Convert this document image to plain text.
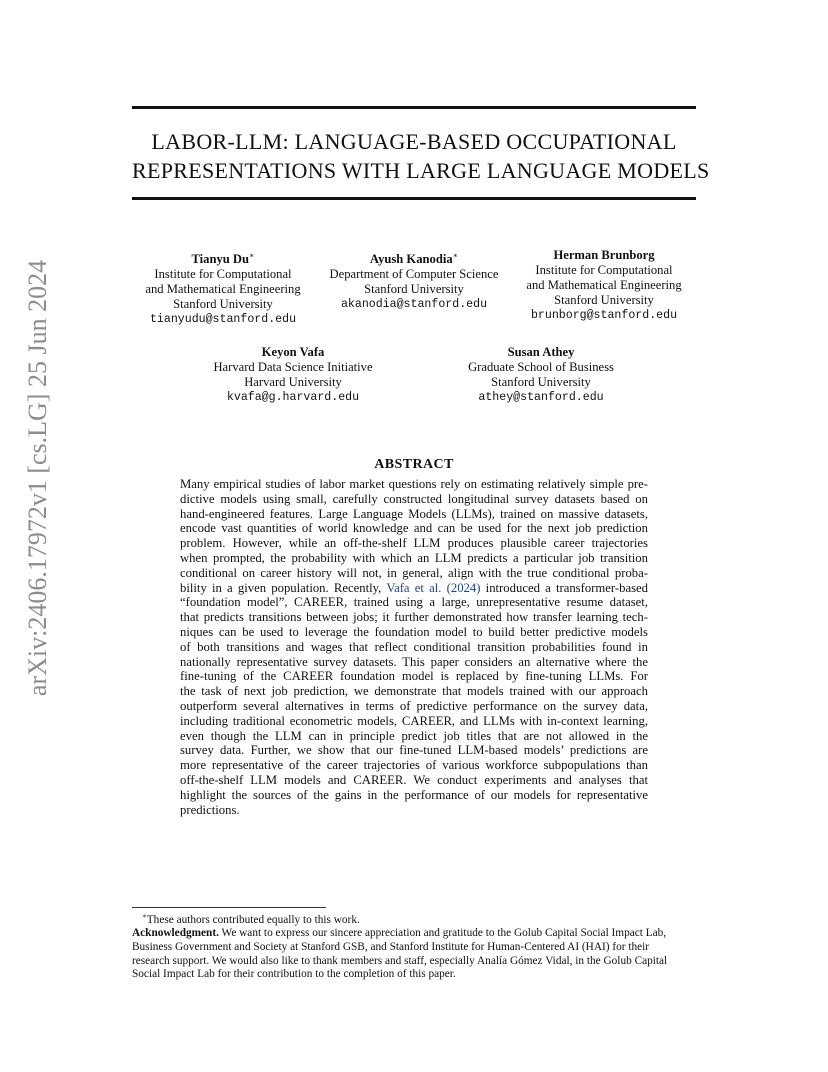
arXiv:2406.17972v1 [cs.LG] 25 Jun 2024
LABOR-LLM: LANGUAGE-BASED OCCUPATIONAL
REPRESENTATIONS WITH LARGE LANGUAGE MODELS
Tianyu Du∗
Institute for Computational
and Mathematical Engineering
Stanford University
tianyudu@stanford.edu
Ayush Kanodia∗
Department of Computer Science
Stanford University
akanodia@stanford.edu
Herman Brunborg
Institute for Computational
and Mathematical Engineering
Stanford University
brunborg@stanford.edu
Keyon Vafa
Harvard Data Science Initiative
Harvard University
kvafa@g.harvard.edu
Susan Athey
Graduate School of Business
Stanford University
athey@stanford.edu
ABSTRACT
Many empirical studies of labor market questions rely on estimating relatively simple pre-
dictive models using small, carefully constructed longitudinal survey datasets based on
hand-engineered features. Large Language Models (LLMs), trained on massive datasets,
encode vast quantities of world knowledge and can be used for the next job prediction
problem. However, while an off-the-shelf LLM produces plausible career trajectories
when prompted, the probability with which an LLM predicts a particular job transition
conditional on career history will not, in general, align with the true conditional proba-
bility in a given population. Recently, Vafa et al. (2024) introduced a transformer-based
“foundation model”, CAREER, trained using a large, unrepresentative resume dataset,
that predicts transitions between jobs; it further demonstrated how transfer learning tech-
niques can be used to leverage the foundation model to build better predictive models
of both transitions and wages that reflect conditional transition probabilities found in
nationally representative survey datasets. This paper considers an alternative where the
fine-tuning of the CAREER foundation model is replaced by fine-tuning LLMs. For
the task of next job prediction, we demonstrate that models trained with our approach
outperform several alternatives in terms of predictive performance on the survey data,
including traditional econometric models, CAREER, and LLMs with in-context learning,
even though the LLM can in principle predict job titles that are not allowed in the
survey data. Further, we show that our fine-tuned LLM-based models’ predictions are
more representative of the career trajectories of various workforce subpopulations than
off-the-shelf LLM models and CAREER. We conduct experiments and analyses that
highlight the sources of the gains in the performance of our models for representative
predictions.
∗These authors contributed equally to this work.
Acknowledgment. We want to express our sincere appreciation and gratitude to the Golub Capital Social Impact Lab,
Business Government and Society at Stanford GSB, and Stanford Institute for Human-Centered AI (HAI) for their
research support. We would also like to thank members and staff, especially Analía Gómez Vidal, in the Golub Capital
Social Impact Lab for their contribution to the completion of this paper.
